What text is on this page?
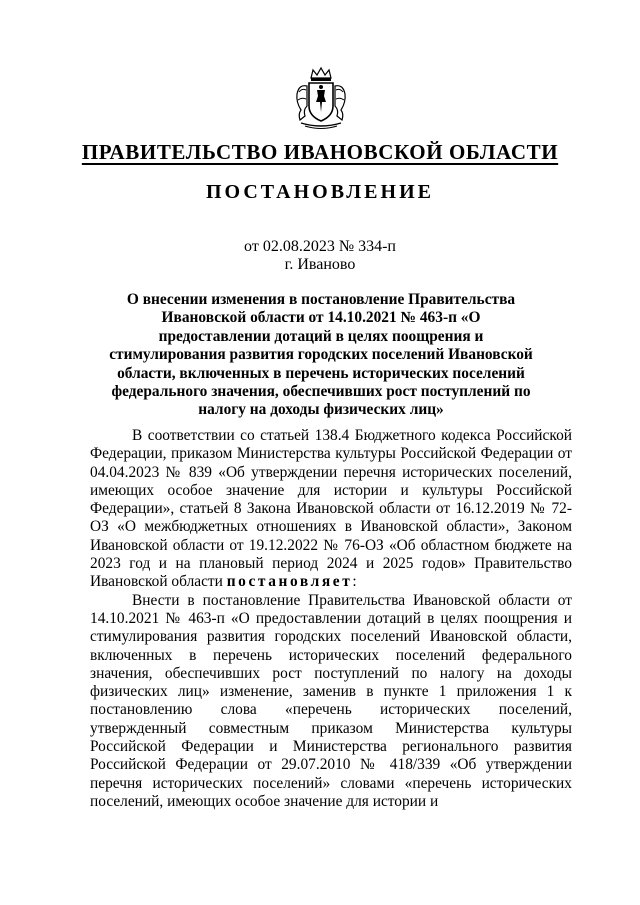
ПРАВИТЕЛЬСТВО ИВАНОВСКОЙ ОБЛАСТИ
ПОСТАНОВЛЕНИЕ
от 02.08.2023 № 334-п
г. Иваново
О внесении изменения в постановление Правительства Ивановской области от 14.10.2021 № 463-п «О предоставлении дотаций в целях поощрения и стимулирования развития городских поселений Ивановской области, включенных в перечень исторических поселений федерального значения, обеспечивших рост поступлений по налогу на доходы физических лиц»

В соответствии со статьей 138.4 Бюджетного кодекса Российской Федерации, приказом Министерства культуры Российской Федерации от 04.04.2023 № 839 «Об утверждении перечня исторических поселений, имеющих особое значение для истории и культуры Российской Федерации», статьей 8 Закона Ивановской области от 16.12.2019 № 72-ОЗ «О межбюджетных отношениях в Ивановской области», Законом Ивановской области от 19.12.2022 № 76-ОЗ «Об областном бюджете на 2023 год и на плановый период 2024 и 2025 годов» Правительство Ивановской области постановляет:

Внести в постановление Правительства Ивановской области от 14.10.2021 № 463-п «О предоставлении дотаций в целях поощрения и стимулирования развития городских поселений Ивановской области, включенных в перечень исторических поселений федерального значения, обеспечивших рост поступлений по налогу на доходы физических лиц» изменение, заменив в пункте 1 приложения 1 к постановлению слова «перечень исторических поселений, утвержденный совместным приказом Министерства культуры Российской Федерации и Министерства регионального развития Российской Федерации от 29.07.2010 № 418/339 «Об утверждении перечня исторических поселений» словами «перечень исторических поселений, имеющих особое значение для истории и
